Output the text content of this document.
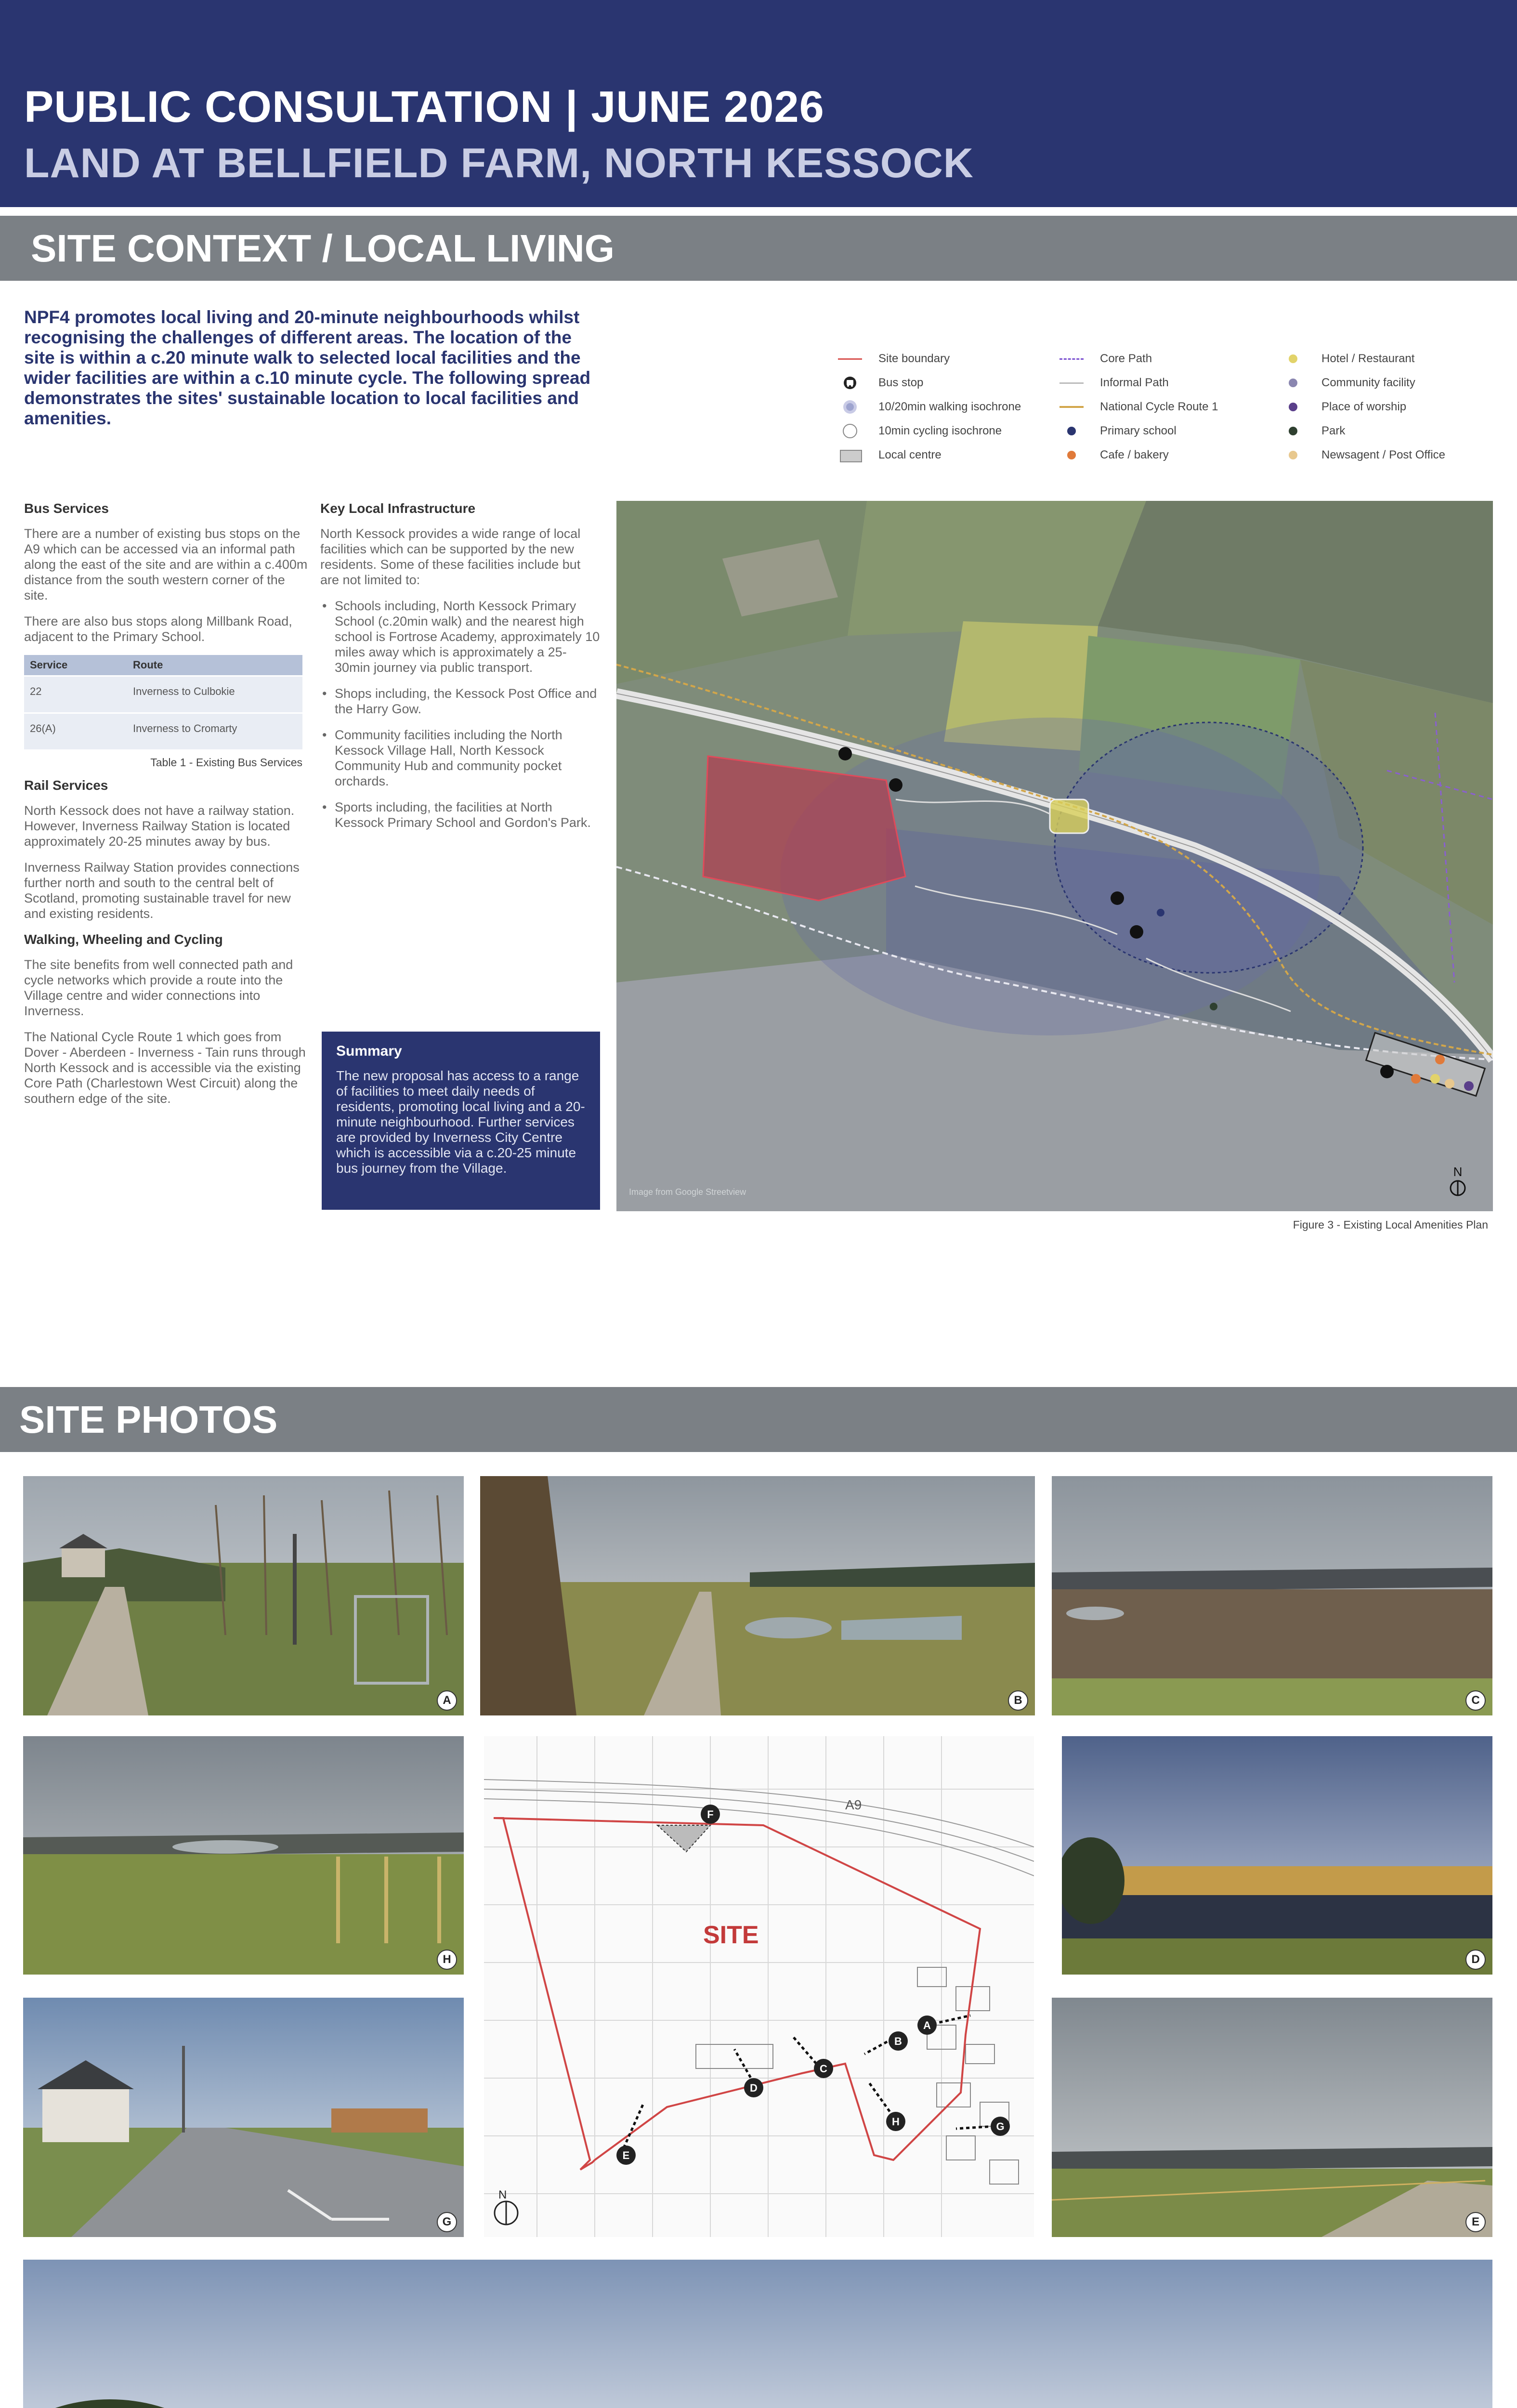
PUBLIC CONSULTATION | JUNE 2026
LAND AT BELLFIELD FARM, NORTH KESSOCK
SITE CONTEXT / LOCAL LIVING
NPF4 promotes local living and 20-minute neighbourhoods whilst recognising the challenges of different areas. The location of the site is within a c.20 minute walk to selected local facilities and the wider facilities are within a c.10 minute cycle. The following spread demonstrates the sites' sustainable location to local facilities and amenities.
Site boundary
Bus stop
10/20min walking isochrone
10min cycling isochrone
Local centre
Core Path
Informal Path
National Cycle Route 1
Primary school
Cafe / bakery
Hotel / Restaurant
Community facility
Place of worship
Park
Newsagent / Post Office
Bus Services

There are a number of existing bus stops on the A9 which can be accessed via an informal path along the east of the site and are within a c.400m distance from the south western corner of the site.

There are also bus stops along Millbank Road, adjacent to the Primary School.

Service	Route
22	Inverness to Culbokie
26(A)	Inverness to Cromarty
Table 1 - Existing Bus Services
Rail Services

North Kessock does not have a railway station. However, Inverness Railway Station is located approximately 20-25 minutes away by bus.

Inverness Railway Station provides connections further north and south to the central belt of Scotland, promoting sustainable travel for new and existing residents.

Walking, Wheeling and Cycling

The site benefits from well connected path and cycle networks which provide a route into the Village centre and wider connections into Inverness.

The National Cycle Route 1 which goes from Dover - Aberdeen - Inverness - Tain runs through North Kessock and is accessible via the existing Core Path (Charlestown West Circuit) along the southern edge of the site.

Key Local Infrastructure

North Kessock provides a wide range of local facilities which can be supported by the new residents. Some of these facilities include but are not limited to:

• Schools including, North Kessock Primary School (c.20min walk) and the nearest high school is Fortrose Academy, approximately 10 miles away which is approximately a 25-30min journey via public transport.
• Shops including, the Kessock Post Office and the Harry Gow.
• Community facilities including the North Kessock Village Hall, North Kessock Community Hub and community pocket orchards.
• Sports including, the facilities at North Kessock Primary School and Gordon's Park.
Summary
The new proposal has access to a range of facilities to meet daily needs of residents, promoting local living and a 20-minute neighbourhood. Further services are provided by Inverness City Centre which is accessible via a c.20-25 minute bus journey from the Village.
Image from Google Streetview
N
Figure 3 - Existing Local Amenities Plan
SITE PHOTOS
A	B	C
H
F
A
B
C
D
E
H	G
SITE
A9
N
D
G	E
